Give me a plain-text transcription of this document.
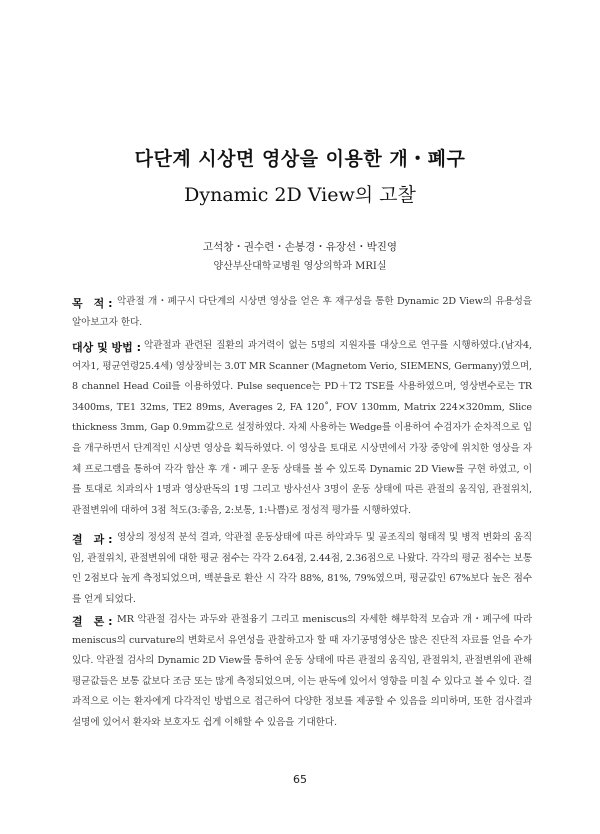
다단계 시상면 영상을 이용한 개・폐구
Dynamic 2D View의 고찰
고석창・권수련・손봉경・유장선・박진영
양산부산대학교병원 영상의학과 MRI실
목　적 : 악관절 개・폐구시 다단계의 시상면 영상을 얻은 후 재구성을 통한 Dynamic 2D View의 유용성을 알아보고자 한다.

대상 및 방법 : 악관절과 관련된 질환의 과거력이 없는 5명의 지원자를 대상으로 연구를 시행하였다.(남자4, 여자1, 평균연령25.4세) 영상장비는 3.0T MR Scanner (Magnetom Verio, SIEMENS, Germany)였으며, 8 channel Head Coil를 이용하였다. Pulse sequence는 PD＋T2 TSE를 사용하였으며, 영상변수로는 TR 3400ms, TE1 32ms, TE2 89ms, Averages 2, FA 120˚, FOV 130mm, Matrix 224×320mm, Slice thickness 3mm, Gap 0.9mm값으로 설정하였다. 자체 사용하는 Wedge를 이용하여 수검자가 순차적으로 입을 개구하면서 단계적인 시상면 영상을 획득하였다. 이 영상을 토대로 시상면에서 가장 중앙에 위치한 영상을 자체 프로그램을 통하여 각각 합산 후 개・폐구 운동 상태를 볼 수 있도록 Dynamic 2D View를 구현 하였고, 이를 토대로 치과의사 1명과 영상판독의 1명 그리고 방사선사 3명이 운동 상태에 따른 관절의 움직임, 관절위치, 관절변위에 대하여 3점 척도(3:좋음, 2:보통, 1:나쁨)로 정성적 평가를 시행하였다.

결　과 : 영상의 정성적 분석 결과, 악관절 운동상태에 따른 하악과두 및 골조직의 형태적 및 병적 변화의 움직임, 관절위치, 관절변위에 대한 평균 점수는 각각 2.64점, 2.44점, 2.36점으로 나왔다. 각각의 평균 점수는 보통인 2점보다 높게 측정되었으며, 백분율로 환산 시 각각 88%, 81%, 79%였으며, 평균값인 67%보다 높은 점수를 얻게 되었다.

결　론 : MR 악관절 검사는 과두와 관절융기 그리고 meniscus의 자세한 해부학적 모습과 개・폐구에 따라 meniscus의 curvature의 변화로서 유연성을 관찰하고자 할 때 자기공명영상은 많은 진단적 자료를 얻을 수가 있다. 악관절 검사의 Dynamic 2D View를 통하여 운동 상태에 따른 관절의 움직임, 관절위치, 관절변위에 관해 평균값들은 보통 값보다 조금 또는 많게 측정되었으며, 이는 판독에 있어서 영향을 미칠 수 있다고 볼 수 있다. 결과적으로 이는 환자에게 다각적인 방법으로 접근하여 다양한 정보를 제공할 수 있음을 의미하며, 또한 검사결과 설명에 있어서 환자와 보호자도 쉽게 이해할 수 있음을 기대한다.

65
